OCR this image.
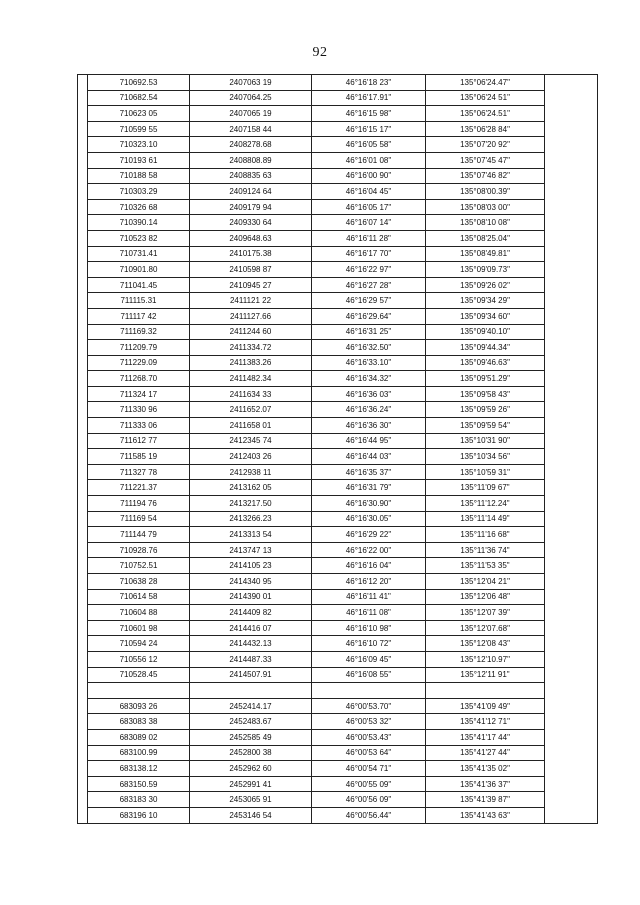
92
	710692.53	2407063 19	46°16'18 23"	135°06'24.47"	
	710682.54	2407064.25	46°16'17.91"	135°06'24 51"	
	710623 05	2407065 19	46°16'15 98"	135°06'24.51"	
	710599 55	2407158 44	46°16'15 17"	135°06'28 84"	
	710323.10	2408278.68	46°16'05 58"	135°07'20 92"	
	710193 61	2408808.89	46°16'01 08"	135°07'45 47"	
	710188 58	2408835 63	46°16'00 90"	135°07'46 82"	
	710303.29	2409124 64	46°16'04 45"	135°08'00.39"	
	710326 68	2409179 94	46°16'05 17"	135°08'03 00"	
	710390.14	2409330 64	46°16'07 14"	135°08'10 08"	
	710523 82	2409648.63	46°16'11 28"	135°08'25.04"	
	710731.41	2410175.38	46°16'17 70"	135°08'49.81"	
	710901.80	2410598 87	46°16'22 97"	135°09'09.73"	
	711041.45	2410945 27	46°16'27 28"	135°09'26 02"	
	711115.31	2411121 22	46°16'29 57"	135°09'34 29"	
	711117 42	2411127.66	46°16'29.64"	135°09'34 60"	
	711169.32	2411244 60	46°16'31 25"	135°09'40.10"	
	711209.79	2411334.72	46°16'32.50"	135°09'44.34"	
	711229.09	2411383.26	46°16'33.10"	135°09'46.63"	
	711268.70	2411482.34	46°16'34.32"	135°09'51.29"	
	711324 17	2411634 33	46°16'36 03"	135°09'58 43"	
	711330 96	2411652.07	46°16'36.24"	135°09'59 26"	
	711333 06	2411658 01	46°16'36 30"	135°09'59 54"	
	711612 77	2412345 74	46°16'44 95"	135°10'31 90"	
	711585 19	2412403 26	46°16'44 03"	135°10'34 56"	
	711327 78	2412938 11	46°16'35 37"	135°10'59 31"	
	711221.37	2413162 05	46°16'31 79"	135°11'09 67"	
	711194 76	2413217.50	46°16'30.90"	135°11'12.24"	
	711169 54	2413266.23	46°16'30.05"	135°11'14 49"	
	711144 79	2413313 54	46°16'29 22"	135°11'16 68"	
	710928.76	2413747 13	46°16'22 00"	135°11'36 74"	
	710752.51	2414105 23	46°16'16 04"	135°11'53 35"	
	710638 28	2414340 95	46°16'12 20"	135°12'04 21"	
	710614 58	2414390 01	46°16'11 41"	135°12'06 48"	
	710604 88	2414409 82	46°16'11 08"	135°12'07 39"	
	710601 98	2414416 07	46°16'10 98"	135°12'07.68"	
	710594 24	2414432.13	46°16'10 72"	135°12'08 43"	
	710556 12	2414487.33	46°16'09 45"	135°12'10.97"	
	710528.45	2414507.91	46°16'08 55"	135°12'11 91"	

	683093 26	2452414.17	46°00'53.70"	135°41'09 49"	
	683083 38	2452483.67	46°00'53 32"	135°41'12 71"	
	683089 02	2452585 49	46°00'53.43"	135°41'17 44"	
	683100.99	2452800 38	46°00'53 64"	135°41'27 44"	
	683138.12	2452962 60	46°00'54 71"	135°41'35 02"	
	683150.59	2452991 41	46°00'55 09"	135°41'36 37"	
	683183 30	2453065 91	46°00'56 09"	135°41'39 87"	
	683196 10	2453146 54	46°00'56.44"	135°41'43 63"	
